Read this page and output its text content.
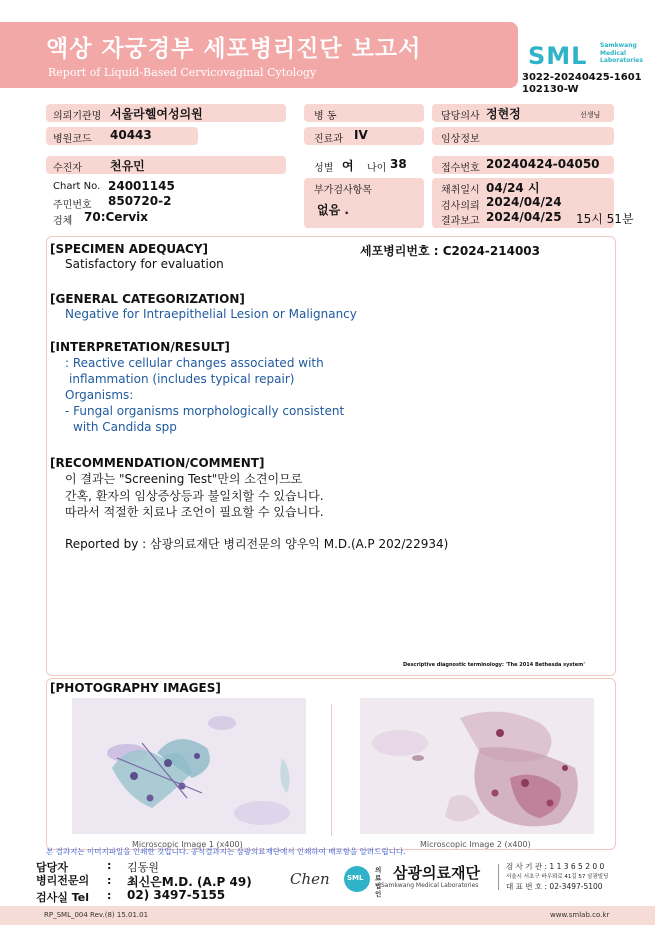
액상 자궁경부 세포병리진단 보고서
Report of Liquid-Based Cervicovaginal Cytology
SML Samkwang
Medical
Laboratories
3022-20240425-1601
102130-W
의뢰기관명 서울라헬여성의원	병 동	담당의사 정현정	선생님
병원코드 40443	진료과 IV	임상정보
수진자 천유민	성별 여 나이 38	접수번호 20240424-04050
Chart No. 24001145
주민번호 850720-2
검체 70:Cervix
부가검사항목
없음 .
채취일시 04/24 시
검사의뢰 2024/04/24
결과보고 2024/04/25 15시 51분
[SPECIMEN ADEQUACY]	세포병리번호 : C2024-214003
Satisfactory for evaluation
[GENERAL CATEGORIZATION]
Negative for Intraepithelial Lesion or Malignancy
[INTERPRETATION/RESULT]
: Reactive cellular changes associated with
inflammation (includes typical repair)
Organisms:
- Fungal organisms morphologically consistent
with Candida spp
[RECOMMENDATION/COMMENT]
이 결과는 "Screening Test"만의 소견이므로
간혹, 환자의 임상증상등과 불일치할 수 있습니다.
따라서 적절한 치료나 조언이 필요할 수 있습니다.
Reported by : 삼광의료재단 병리전문의 양우익 M.D.(A.P 202/22934)
Descriptive diagnostic terminology: 'The 2014 Bethesda system'
[PHOTOGRAPHY IMAGES]
Microscopic Image 1 (x400)	Microscopic Image 2 (x400)
본 결과지는 이미지파일을 인쇄한 것입니다. 공식결과지는 삼광의료재단에서 인쇄하여 배포함을 알려드립니다.
담당자	: 김동원
병리전문의 : 최신은M.D. (A.P 49)
검사실 Tel : 02) 3497-5155
Chen SML
의료법인
삼광의료재단
Samkwang Medical Laboratories
검 사 기 관 : 1 1 3 6 5 2 0 0
서울시 서초구 바우뫼로 41길 57 삼광빌딩
대 표 번 호 : 02-3497-5100
RP_SML_004 Rev.(8) 15.01.01	www.smlab.co.kr
